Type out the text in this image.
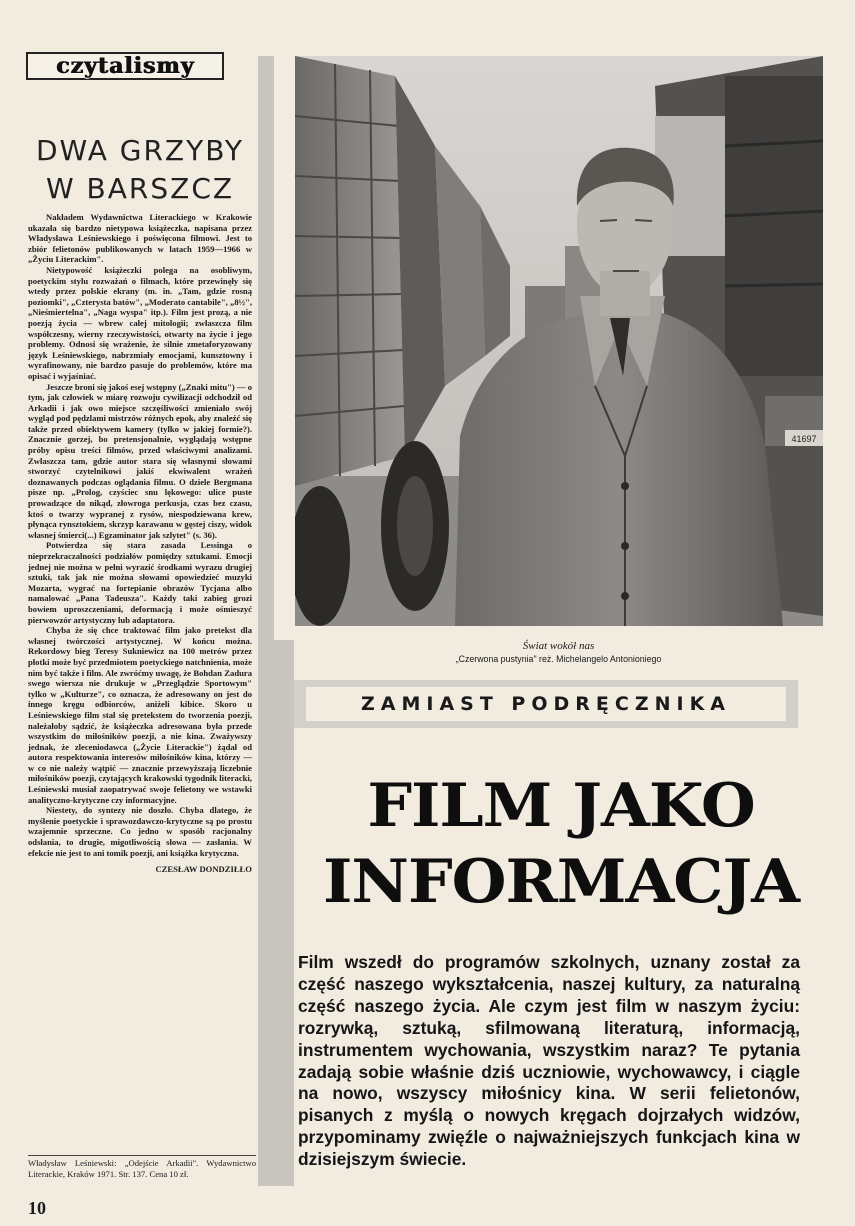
czytalismy
DWA GRZYBY
W BARSZCZ

Nakładem Wydawnictwa Literackiego w Krakowie ukazała się bardzo nietypowa książeczka, napisana przez Władysława Leśniewskiego i poświęcona filmowi. Jest to zbiór felietonów publikowanych w latach 1959—1966 w „Życiu Literackim".

Nietypowość książeczki polega na osobliwym, poetyckim stylu rozważań o filmach, które przewinęły się wtedy przez polskie ekrany (m. in. „Tam, gdzie rosną poziomki", „Czterysta batów", „Moderato cantabile", „8½", „Nieśmiertelna", „Naga wyspa" itp.). Film jest prozą, a nie poezją życia — wbrew całej mitologii; zwłaszcza film współczesny, wierny rzeczywistości, otwarty na życie i jego problemy. Odnosi się wrażenie, że silnie zmetaforyzowany język Leśniewskiego, nabrzmiały emocjami, kunsztowny i wyrafinowany, nie bardzo pasuje do problemów, które ma opisać i wyjaśniać.

Jeszcze broni się jakoś esej wstępny („Znaki mitu") — o tym, jak człowiek w miarę rozwoju cywilizacji odchodził od Arkadii i jak owo miejsce szczęśliwości zmieniało swój wygląd pod pędzlami mistrzów różnych epok, aby znaleźć się także przed obiektywem kamery (tylko w jakiej formie?). Znacznie gorzej, bo pretensjonalnie, wyglądają wstępne próby opisu treści filmów, przed właściwymi analizami. Zwłaszcza tam, gdzie autor stara się własnymi słowami stworzyć czytelnikowi jakiś ekwiwalent wrażeń doznawanych podczas oglądania filmu. O dziele Bergmana pisze np. „Prolog, czyściec snu lękowego: ulice puste prowadzące do nikąd, złowroga perkusja, czas bez czasu, ktoś o twarzy wypranej z rysów, niespodziewana krew, płynąca rynsztokiem, skrzyp karawanu w gęstej ciszy, widok własnej śmierci(...) Egzaminator jak szlytet" (s. 36).

Potwierdza się stara zasada Lessinga o nieprzekraczalności podziałów pomiędzy sztukami. Emocji jednej nie można w pełni wyrazić środkami wyrazu drugiej sztuki, tak jak nie można słowami opowiedzieć muzyki Mozarta, wygrać na fortepianie obrazów Tycjana albo namalować „Pana Tadeusza". Każdy taki zabieg grozi bowiem uproszczeniami, deformacją i może ośmieszyć pierwowzór artystyczny lub adaptatora.

Chyba że się chce traktować film jako pretekst dla własnej twórczości artystycznej. W końcu można. Rekordowy bieg Teresy Sukniewicz na 100 metrów przez płotki może być przedmiotem poetyckiego natchnienia, może nim być także i film. Ale zwróćmy uwagę, że Bohdan Zadura swego wiersza nie drukuje w „Przeglądzie Sportowym" tylko w „Kulturze", co oznacza, że adresowany on jest do innego kręgu odbiorców, aniżeli kibice. Skoro u Leśniewskiego film stał się pretekstem do tworzenia poezji, należałoby sądzić, że książeczka adresowana była przede wszystkim do miłośników poezji, a nie kina. Zważywszy jednak, że zleceniodawca („Życie Literackie") żądał od autora respektowania interesów miłośników kina, którzy — w co nie należy wątpić — znacznie przewyższają liczebnie miłośników poezji, czytających krakowski tygodnik literacki, Leśniewski musiał zaopatrywać swoje felietony we wstawki analityczno-krytyczne czy informacyjne.

Niestety, do syntezy nie doszło. Chyba dlatego, że myślenie poetyckie i sprawozdawczo-krytyczne są po prostu wzajemnie sprzeczne. Co jedno w sposób racjonalny odsłania, to drugie, migotliwością słowa — zasłania. W efekcie nie jest to ani tomik poezji, ani książka krytyczna.

CZESŁAW DONDZIŁŁO

Władysław Leśniewski: „Odejście Arkadii". Wydawnictwo Literackie, Kraków 1971. Str. 137. Cena 10 zł.
10
41697
Świat wokół nas
„Czerwona pustynia" reż. Michelangelo Antonioniego
ZAMIAST PODRĘCZNIKA
FILM JAKO
INFORMACJA
Film wszedł do programów szkolnych, uznany został za część naszego wykształcenia, naszej kultury, za naturalną część naszego życia. Ale czym jest film w naszym życiu: rozrywką, sztuką, sfilmowaną literaturą, informacją, instrumentem wychowania, wszystkim naraz? Te pytania zadają sobie właśnie dziś uczniowie, wychowawcy, i ciągle na nowo, wszyscy miłośnicy kina. W serii felietonów, pisanych z myślą o nowych kręgach dojrzałych widzów, przypominamy zwięźle o najważniejszych funkcjach kina w dzisiejszym świecie.
